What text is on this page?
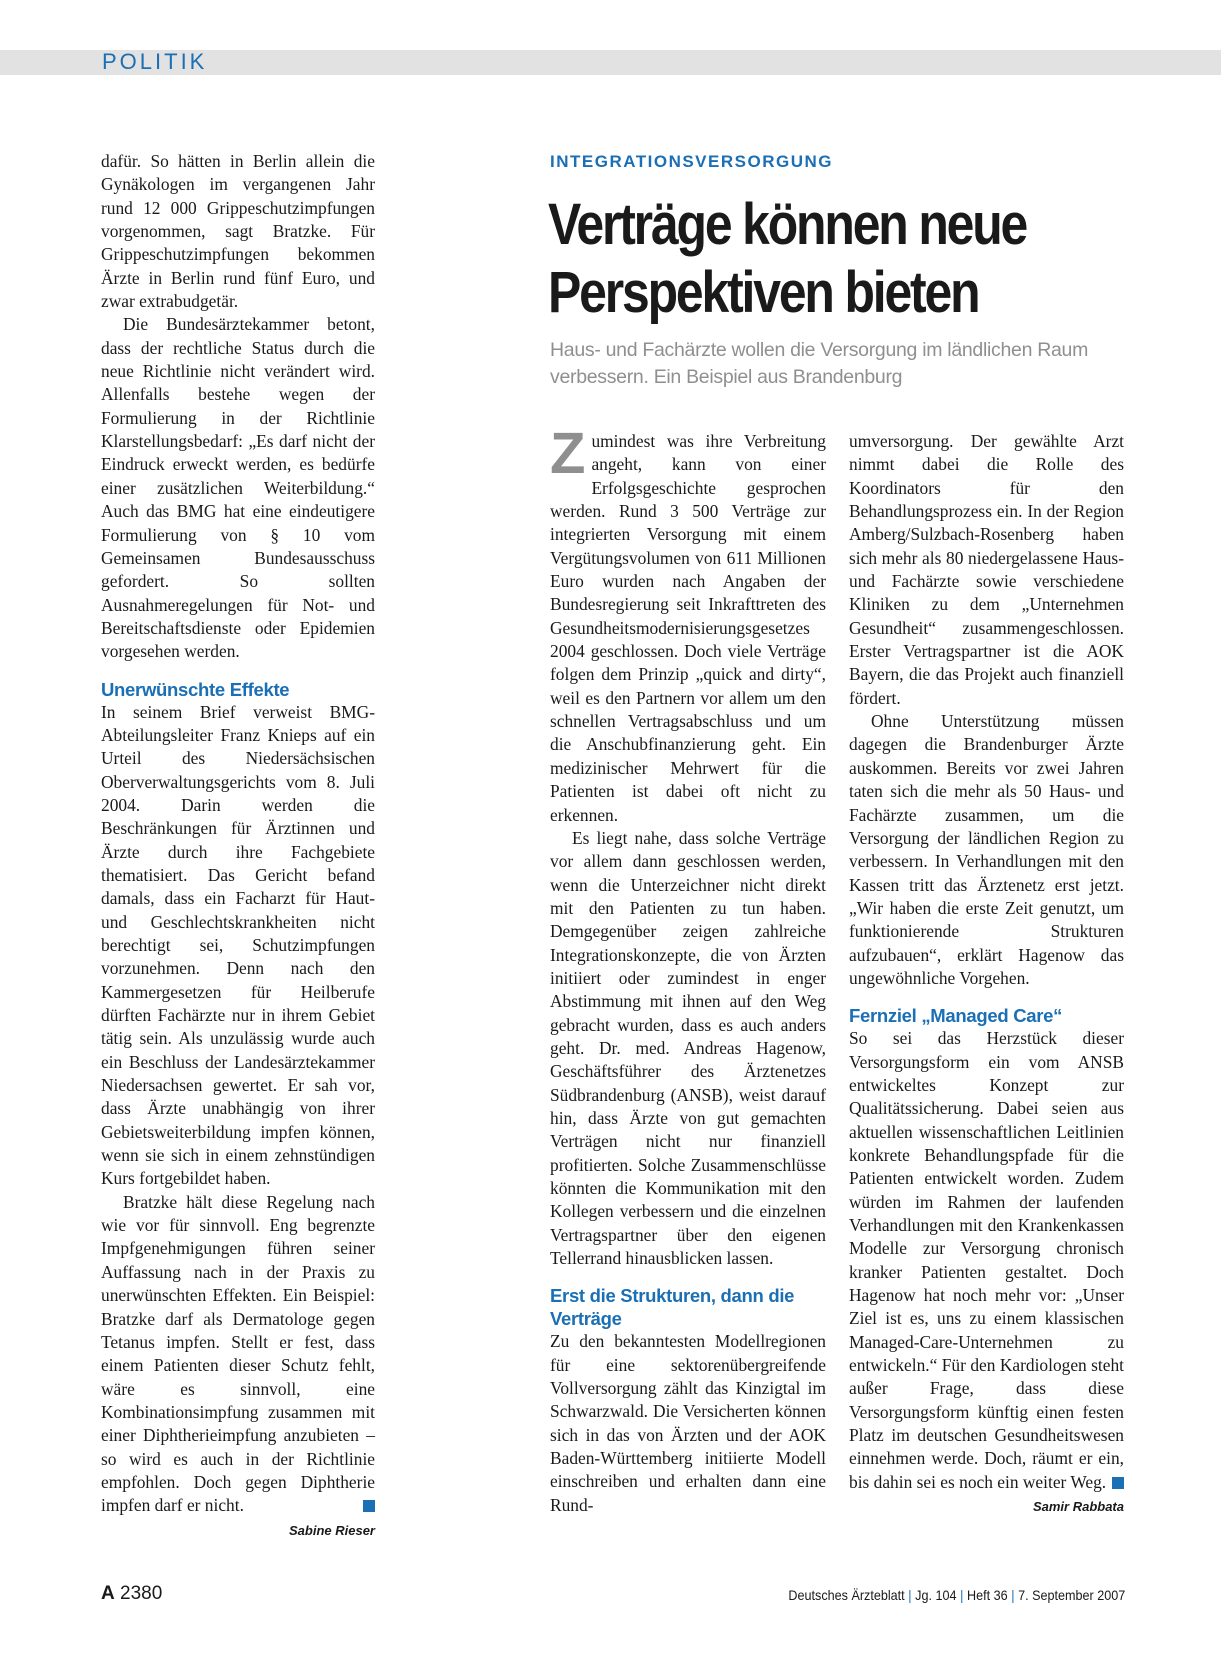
POLITIK

dafür. So hätten in Berlin allein die Gynäkologen im vergangenen Jahr rund 12 000 Grippeschutzimpfungen vorgenommen, sagt Bratzke. Für Grippeschutzimpfungen bekommen Ärzte in Berlin rund fünf Euro, und zwar extrabudgetär.

Die Bundesärztekammer betont, dass der rechtliche Status durch die neue Richtlinie nicht verändert wird. Allenfalls bestehe wegen der Formulierung in der Richtlinie Klarstellungsbedarf: „Es darf nicht der Eindruck erweckt werden, es bedürfe einer zusätzlichen Weiterbildung.“ Auch das BMG hat eine eindeutigere Formulierung von § 10 vom Gemeinsamen Bundesausschuss gefordert. So sollten Ausnahmeregelungen für Not- und Bereitschaftsdienste oder Epidemien vorgesehen werden.

Unerwünschte Effekte

In seinem Brief verweist BMG-Abteilungsleiter Franz Knieps auf ein Urteil des Niedersächsischen Oberverwaltungsgerichts vom 8. Juli 2004. Darin werden die Beschränkungen für Ärztinnen und Ärzte durch ihre Fachgebiete thematisiert. Das Gericht befand damals, dass ein Facharzt für Haut- und Geschlechtskrankheiten nicht berechtigt sei, Schutzimpfungen vorzunehmen. Denn nach den Kammergesetzen für Heilberufe dürften Fachärzte nur in ihrem Gebiet tätig sein. Als unzulässig wurde auch ein Beschluss der Landesärztekammer Niedersachsen gewertet. Er sah vor, dass Ärzte unabhängig von ihrer Gebietsweiterbildung impfen können, wenn sie sich in einem zehnstündigen Kurs fortgebildet haben.

Bratzke hält diese Regelung nach wie vor für sinnvoll. Eng begrenzte Impfgenehmigungen führen seiner Auffassung nach in der Praxis zu unerwünschten Effekten. Ein Beispiel: Bratzke darf als Dermatologe gegen Tetanus impfen. Stellt er fest, dass einem Patienten dieser Schutz fehlt, wäre es sinnvoll, eine Kombinationsimpfung zusammen mit einer Diphtherieimpfung anzubieten – so wird es auch in der Richtlinie empfohlen. Doch gegen Diphtherie impfen darf er nicht.

Sabine Rieser
INTEGRATIONSVERSORGUNG
Verträge können neue Perspektiven bieten
Haus- und Fachärzte wollen die Versorgung im ländlichen Raum verbessern. Ein Beispiel aus Brandenburg

Zumindest was ihre Verbreitung angeht, kann von einer Erfolgsgeschichte gesprochen werden. Rund 3 500 Verträge zur integrierten Versorgung mit einem Vergütungsvolumen von 611 Millionen Euro wurden nach Angaben der Bundesregierung seit Inkrafttreten des Gesundheitsmodernisierungsgesetzes 2004 geschlossen. Doch viele Verträge folgen dem Prinzip „quick and dirty“, weil es den Partnern vor allem um den schnellen Vertragsabschluss und um die Anschubfinanzierung geht. Ein medizinischer Mehrwert für die Patienten ist dabei oft nicht zu erkennen.

Es liegt nahe, dass solche Verträge vor allem dann geschlossen werden, wenn die Unterzeichner nicht direkt mit den Patienten zu tun haben. Demgegenüber zeigen zahlreiche Integrationskonzepte, die von Ärzten initiiert oder zumindest in enger Abstimmung mit ihnen auf den Weg gebracht wurden, dass es auch anders geht. Dr. med. Andreas Hagenow, Geschäftsführer des Ärztenetzes Südbrandenburg (ANSB), weist darauf hin, dass Ärzte von gut gemachten Verträgen nicht nur finanziell profitierten. Solche Zusammenschlüsse könnten die Kommunikation mit den Kollegen verbessern und die einzelnen Vertragspartner über den eigenen Tellerrand hinausblicken lassen.

Erst die Strukturen, dann die Verträge

Zu den bekanntesten Modellregionen für eine sektorenübergreifende Vollversorgung zählt das Kinzigtal im Schwarzwald. Die Versicherten können sich in das von Ärzten und der AOK Baden-Württemberg initiierte Modell einschreiben und erhalten dann eine Rund-

umversorgung. Der gewählte Arzt nimmt dabei die Rolle des Koordinators für den Behandlungsprozess ein. In der Region Amberg/Sulzbach-Rosenberg haben sich mehr als 80 niedergelassene Haus- und Fachärzte sowie verschiedene Kliniken zu dem „Unternehmen Gesundheit“ zusammengeschlossen. Erster Vertragspartner ist die AOK Bayern, die das Projekt auch finanziell fördert.

Ohne Unterstützung müssen dagegen die Brandenburger Ärzte auskommen. Bereits vor zwei Jahren taten sich die mehr als 50 Haus- und Fachärzte zusammen, um die Versorgung der ländlichen Region zu verbessern. In Verhandlungen mit den Kassen tritt das Ärztenetz erst jetzt. „Wir haben die erste Zeit genutzt, um funktionierende Strukturen aufzubauen“, erklärt Hagenow das ungewöhnliche Vorgehen.

Fernziel „Managed Care“

So sei das Herzstück dieser Versorgungsform ein vom ANSB entwickeltes Konzept zur Qualitätssicherung. Dabei seien aus aktuellen wissenschaftlichen Leitlinien konkrete Behandlungspfade für die Patienten entwickelt worden. Zudem würden im Rahmen der laufenden Verhandlungen mit den Krankenkassen Modelle zur Versorgung chronisch kranker Patienten gestaltet. Doch Hagenow hat noch mehr vor: „Unser Ziel ist es, uns zu einem klassischen Managed-Care-Unternehmen zu entwickeln.“ Für den Kardiologen steht außer Frage, dass diese Versorgungsform künftig einen festen Platz im deutschen Gesundheitswesen einnehmen werde. Doch, räumt er ein, bis dahin sei es noch ein weiter Weg.

Samir Rabbata
A 2380	Deutsches Ärzteblatt | Jg. 104 | Heft 36 | 7. September 2007
